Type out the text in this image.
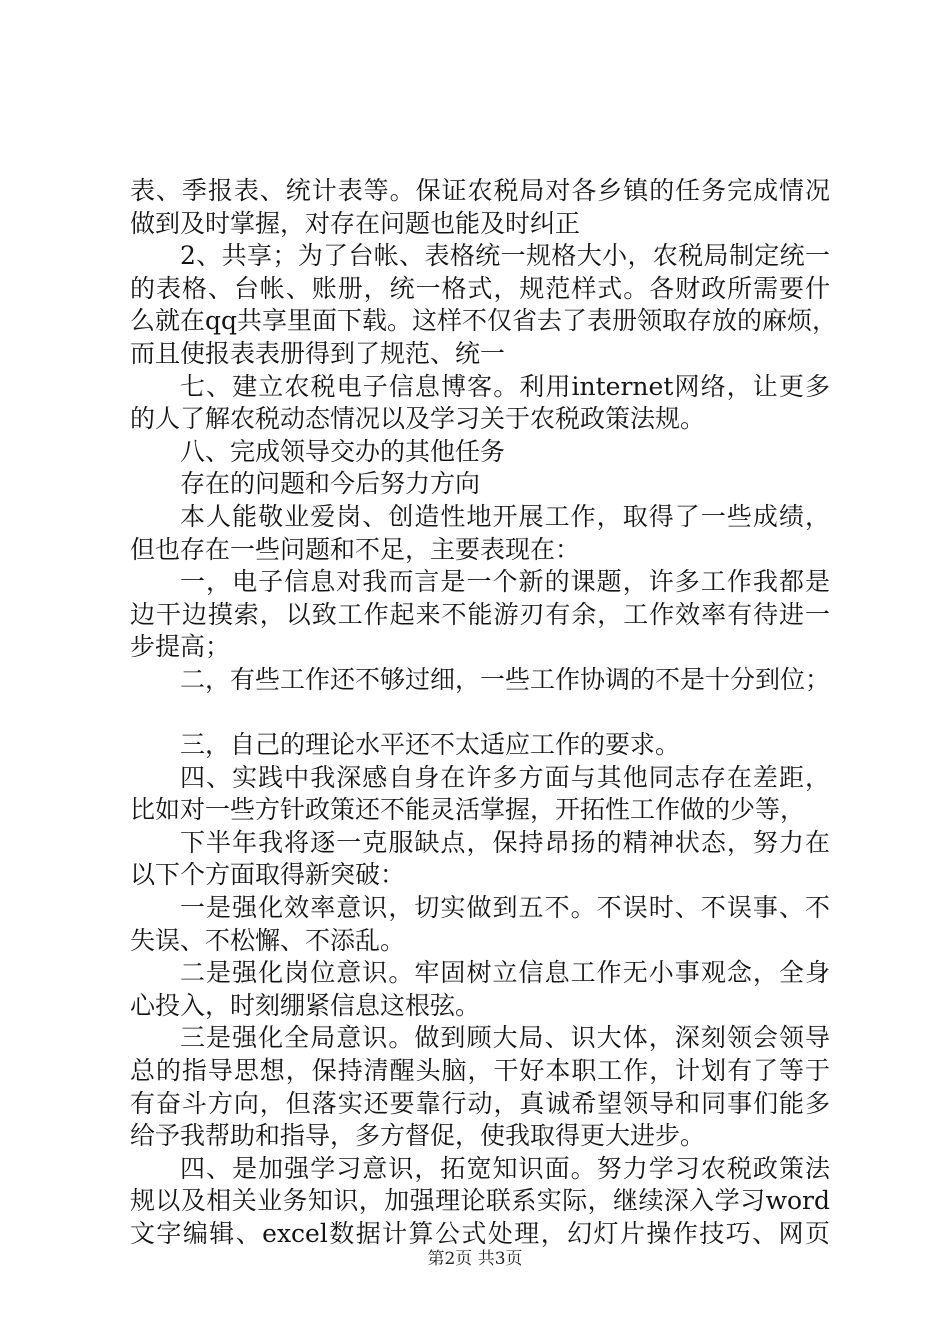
表、季报表、统计表等。保证农税局对各乡镇的任务完成情况
做到及时掌握，对存在问题也能及时纠正
2、共享；为了台帐、表格统一规格大小，农税局制定统一
的表格、台帐、账册，统一格式，规范样式。各财政所需要什
么就在qq共享里面下载。这样不仅省去了表册领取存放的麻烦，
而且使报表表册得到了规范、统一
七、建立农税电子信息博客。利用internet网络，让更多
的人了解农税动态情况以及学习关于农税政策法规。
八、完成领导交办的其他任务
存在的问题和今后努力方向
本人能敬业爱岗、创造性地开展工作，取得了一些成绩，
但也存在一些问题和不足，主要表现在：
一，电子信息对我而言是一个新的课题，许多工作我都是
边干边摸索，以致工作起来不能游刃有余，工作效率有待进一
步提高；
二，有些工作还不够过细，一些工作协调的不是十分到位；
三，自己的理论水平还不太适应工作的要求。
四、实践中我深感自身在许多方面与其他同志存在差距，
比如对一些方针政策还不能灵活掌握，开拓性工作做的少等，
下半年我将逐一克服缺点，保持昂扬的精神状态，努力在
以下个方面取得新突破：
一是强化效率意识，切实做到五不。不误时、不误事、不
失误、不松懈、不添乱。
二是强化岗位意识。牢固树立信息工作无小事观念，全身
心投入，时刻绷紧信息这根弦。
三是强化全局意识。做到顾大局、识大体，深刻领会领导
总的指导思想，保持清醒头脑，干好本职工作，计划有了等于
有奋斗方向，但落实还要靠行动，真诚希望领导和同事们能多
给予我帮助和指导，多方督促，使我取得更大进步。
四、是加强学习意识，拓宽知识面。努力学习农税政策法
规以及相关业务知识，加强理论联系实际，继续深入学习word
文字编辑、excel数据计算公式处理，幻灯片操作技巧、网页
第2页 共3页
